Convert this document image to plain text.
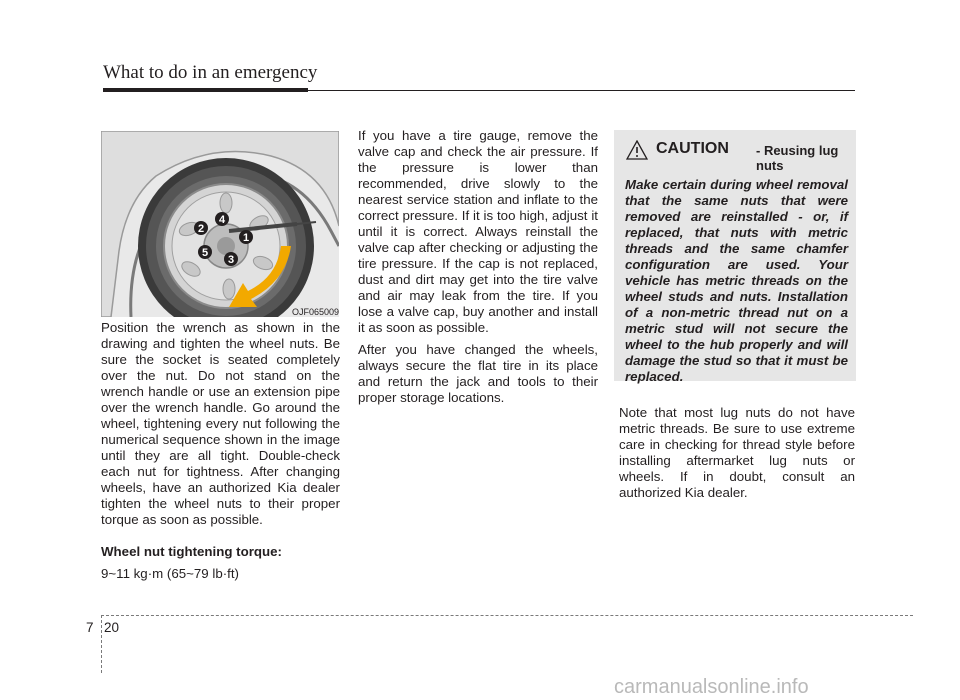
What to do in an emergency
1
2
3
4
5
OJF065009

Position the wrench as shown in the drawing and tighten the wheel nuts. Be sure the socket is seated completely over the nut. Do not stand on the wrench handle or use an extension pipe over the wrench handle. Go around the wheel, tightening every nut following the numerical sequence shown in the image until they are all tight. Double-check each nut for tightness. After changing wheels, have an authorized Kia dealer tighten the wheel nuts to their proper torque as soon as possible.

Wheel nut tightening torque:

9~11 kg·m (65~79 lb·ft)

If you have a tire gauge, remove the valve cap and check the air pressure. If the pressure is lower than recommended, drive slowly to the nearest service station and inflate to the correct pressure. If it is too high, adjust it until it is correct. Always reinstall the valve cap after checking or adjusting the tire pressure. If the cap is not replaced, dust and dirt may get into the tire valve and air may leak from the tire. If you lose a valve cap, buy another and install it as soon as possible.

After you have changed the wheels, always secure the flat tire in its place and return the jack and tools to their proper storage locations.

CAUTION - Reusing lug nuts
Make certain during wheel removal that the same nuts that were removed are reinstalled - or, if replaced, that nuts with metric threads and the same chamfer configuration are used. Your vehicle has metric threads on the wheel studs and nuts. Installation of a non-metric thread nut on a metric stud will not secure the wheel to the hub properly and will damage the stud so that it must be replaced.

Note that most lug nuts do not have metric threads. Be sure to use extreme care in checking for thread style before installing aftermarket lug nuts or wheels. If in doubt, consult an authorized Kia dealer.

7 20
carmanualsonline.info
